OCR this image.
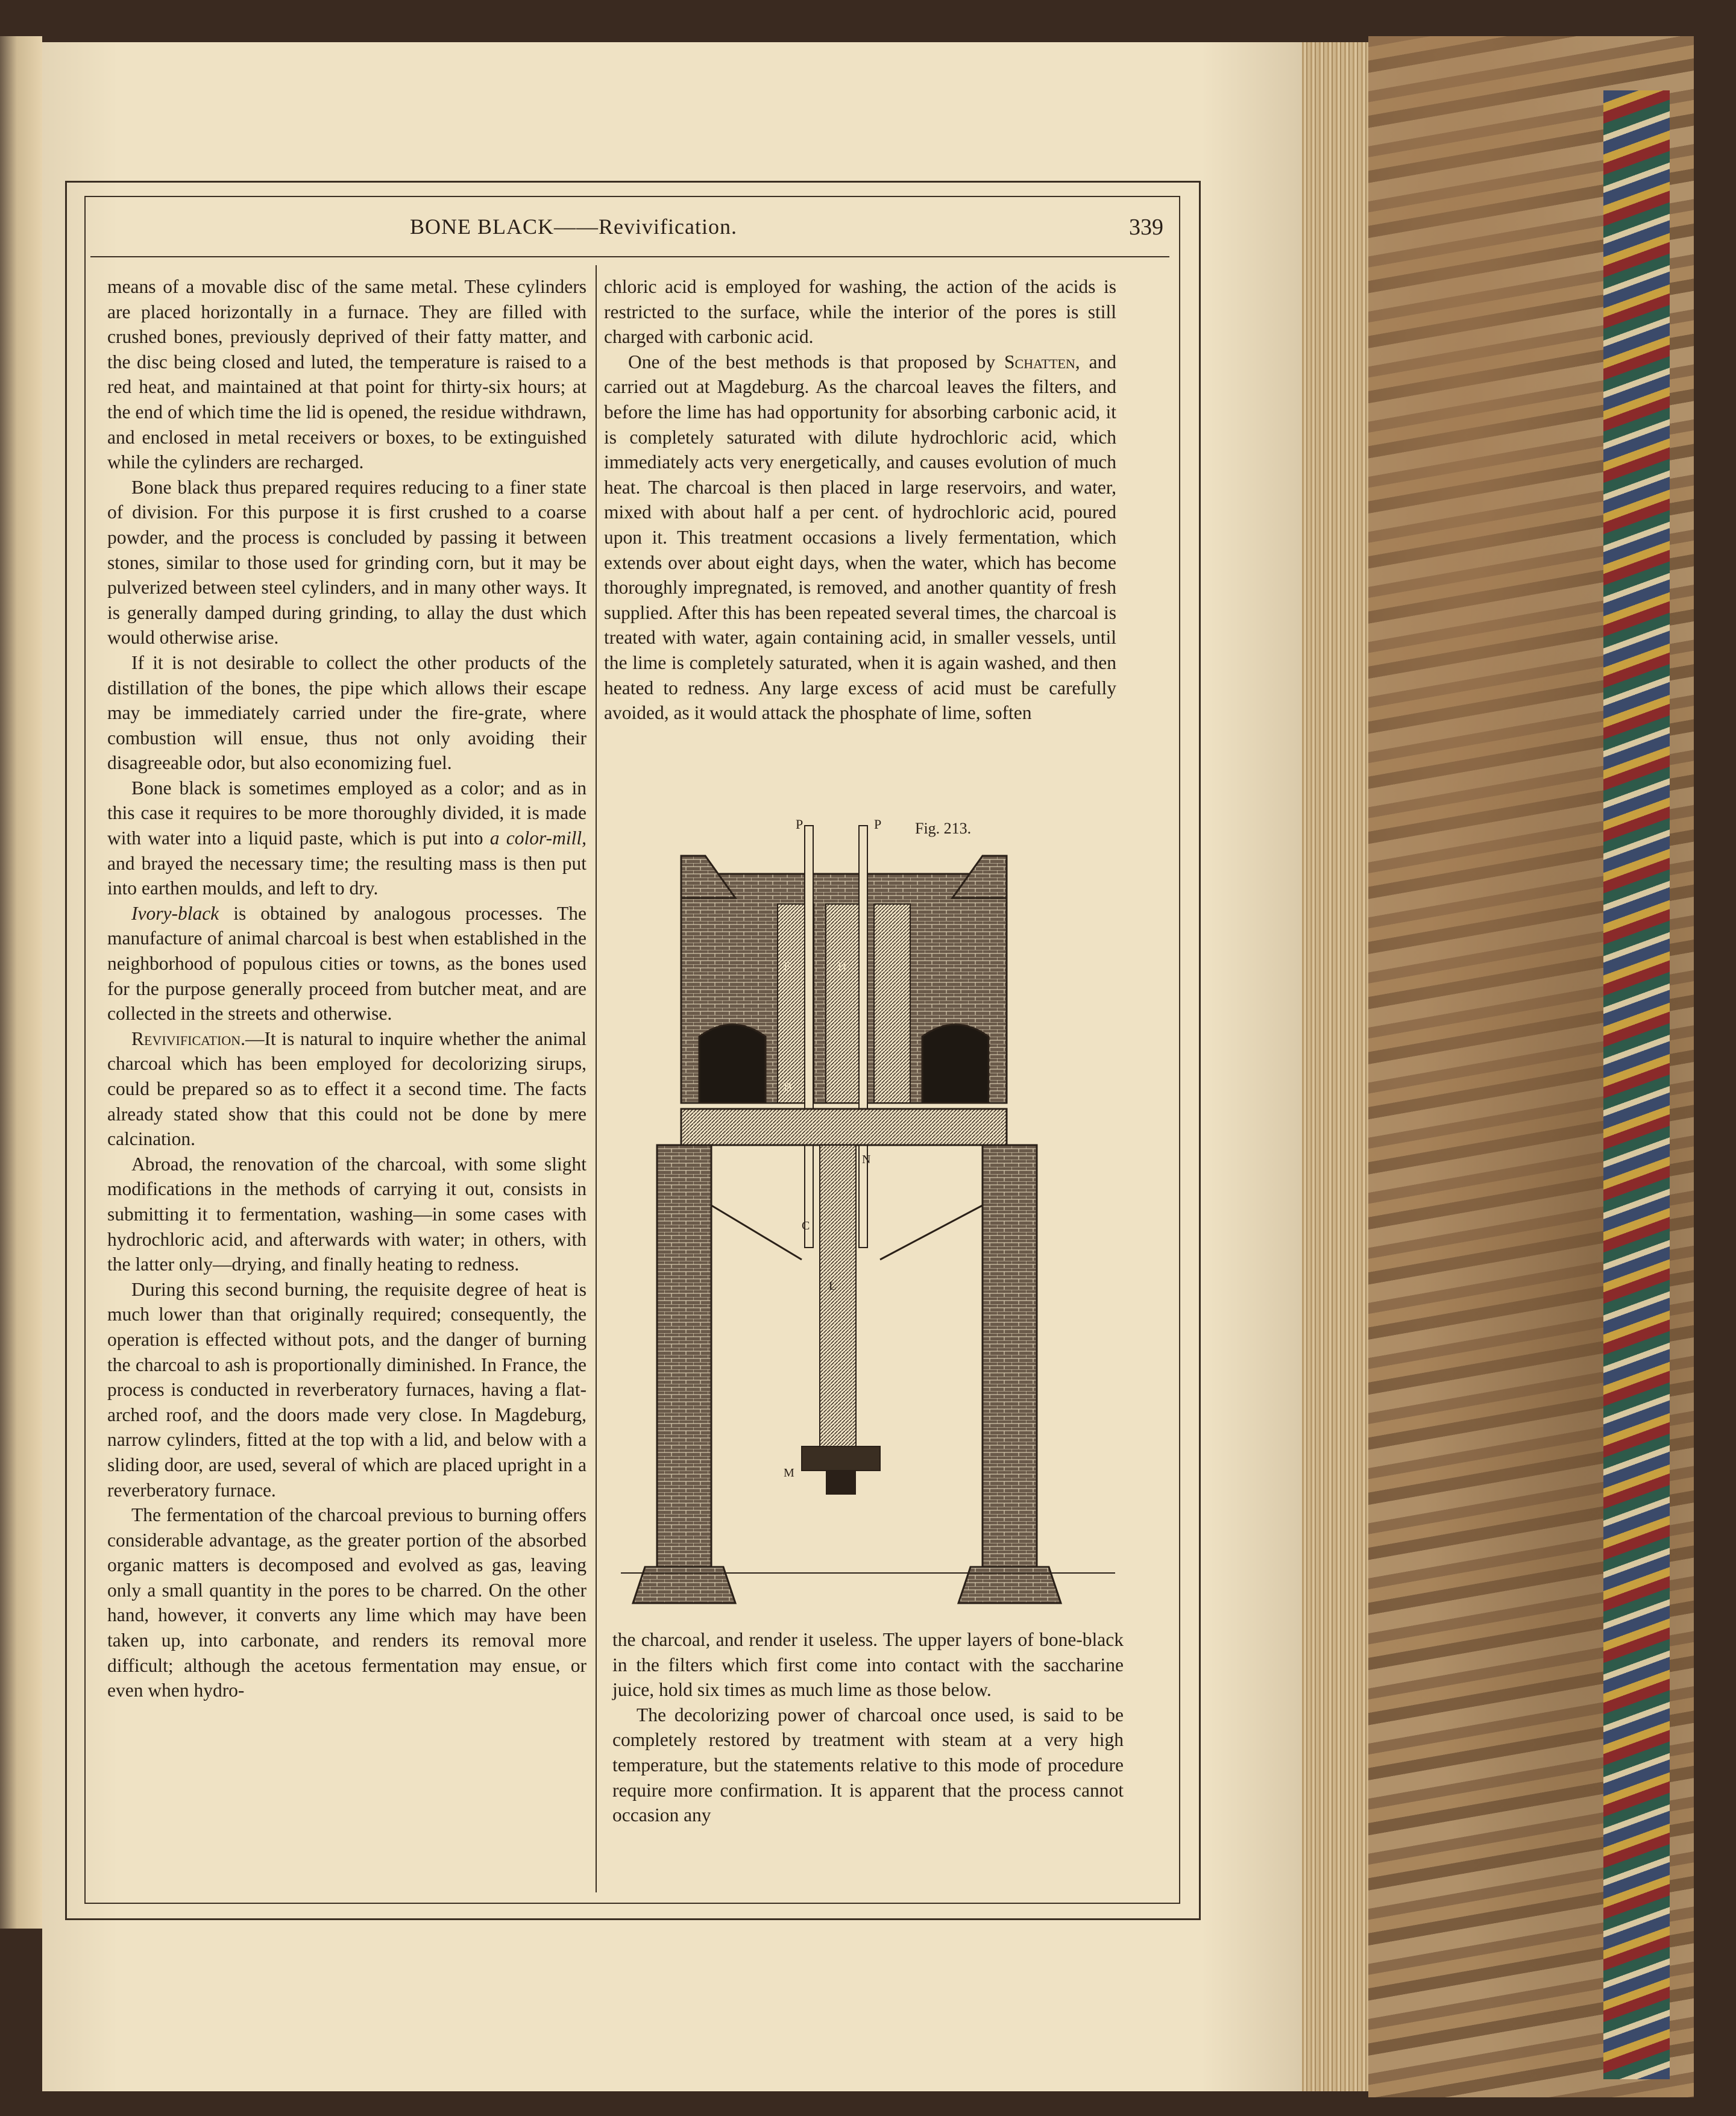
BONE BLACK——Revivification.	339

means of a movable disc of the same metal. These cylinders are placed horizontally in a furnace. They are filled with crushed bones, previously deprived of their fatty matter, and the disc being closed and luted, the temperature is raised to a red heat, and maintained at that point for thirty-six hours; at the end of which time the lid is opened, the residue withdrawn, and enclosed in metal receivers or boxes, to be extinguished while the cylinders are recharged.

Bone black thus prepared requires reducing to a finer state of division. For this purpose it is first crushed to a coarse powder, and the process is concluded by passing it between stones, similar to those used for grinding corn, but it may be pulverized between steel cylinders, and in many other ways. It is generally damped during grinding, to allay the dust which would otherwise arise.

If it is not desirable to collect the other products of the distillation of the bones, the pipe which allows their escape may be immediately carried under the fire-grate, where combustion will ensue, thus not only avoiding their disagreeable odor, but also economizing fuel.

Bone black is sometimes employed as a color; and as in this case it requires to be more thoroughly divided, it is made with water into a liquid paste, which is put into a color-mill, and brayed the necessary time; the resulting mass is then put into earthen moulds, and left to dry.

Ivory-black is obtained by analogous processes. The manufacture of animal charcoal is best when established in the neighborhood of populous cities or towns, as the bones used for the purpose generally proceed from butcher meat, and are collected in the streets and otherwise.

Revivification.—It is natural to inquire whether the animal charcoal which has been employed for decolorizing sirups, could be prepared so as to effect it a second time. The facts already stated show that this could not be done by mere calcination.

Abroad, the renovation of the charcoal, with some slight modifications in the methods of carrying it out, consists in submitting it to fermentation, washing—in some cases with hydrochloric acid, and afterwards with water; in others, with the latter only—drying, and finally heating to redness.

During this second burning, the requisite degree of heat is much lower than that originally required; consequently, the operation is effected without pots, and the danger of burning the charcoal to ash is proportionally diminished. In France, the process is conducted in reverberatory furnaces, having a flat-arched roof, and the doors made very close. In Magdeburg, narrow cylinders, fitted at the top with a lid, and below with a sliding door, are used, several of which are placed upright in a reverberatory furnace.

The fermentation of the charcoal previous to burning offers considerable advantage, as the greater portion of the absorbed organic matters is decomposed and evolved as gas, leaving only a small quantity in the pores to be charred. On the other hand, however, it converts any lime which may have been taken up, into carbonate, and renders its removal more difficult; although the acetous fermentation may ensue, or even when hydro-

chloric acid is employed for washing, the action of the acids is restricted to the surface, while the interior of the pores is still charged with carbonic acid.

One of the best methods is that proposed by Schatten, and carried out at Magdeburg. As the charcoal leaves the filters, and before the lime has had opportunity for absorbing carbonic acid, it is completely saturated with dilute hydrochloric acid, which immediately acts very energetically, and causes evolution of much heat. The charcoal is then placed in large reservoirs, and water, mixed with about half a per cent. of hydrochloric acid, poured upon it. This treatment occasions a lively fermentation, which extends over about eight days, when the water, which has become thoroughly impregnated, is removed, and another quantity of fresh supplied. After this has been repeated several times, the charcoal is treated with water, again containing acid, in smaller vessels, until the lime is completely saturated, when it is again washed, and then heated to redness. Any large excess of acid must be carefully avoided, as it would attack the phosphate of lime, soften

Fig. 213.
P	P
F	H
B
C
L
N
M

the charcoal, and render it useless. The upper layers of bone-black in the filters which first come into contact with the saccharine juice, hold six times as much lime as those below.

The decolorizing power of charcoal once used, is said to be completely restored by treatment with steam at a very high temperature, but the statements relative to this mode of procedure require more confirmation. It is apparent that the process cannot occasion any
